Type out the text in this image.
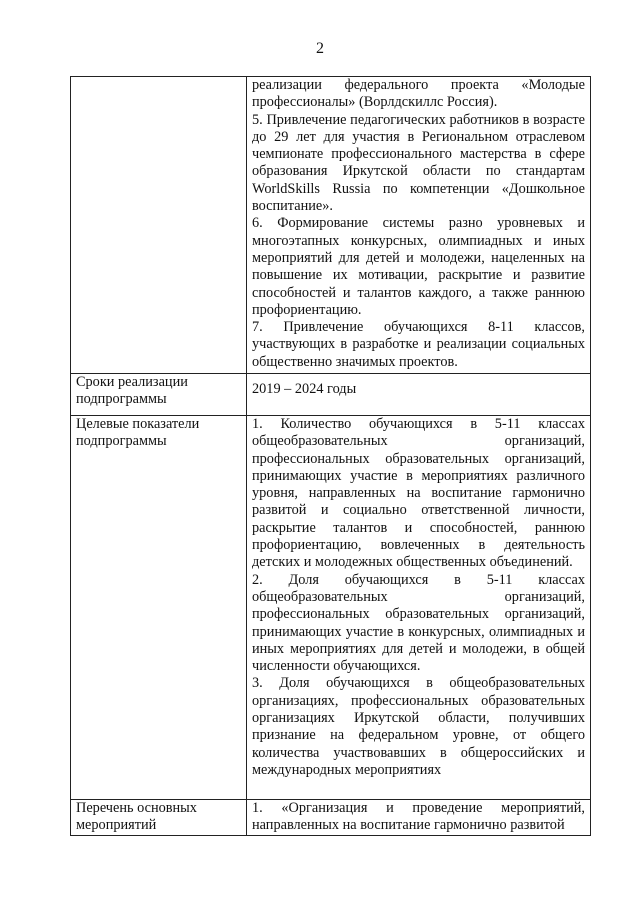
2

	реализации федерального проекта «Молодые профессионалы» (Ворлдскиллс Россия).

5. Привлечение педагогических работников в возрасте до 29 лет для участия в Региональном отраслевом чемпионате профессионального мастерства в сфере образования Иркутской области по стандартам WorldSkills Russia по компетенции «Дошкольное воспитание».

6. Формирование системы разно уровневых и многоэтапных конкурсных, олимпиадных и иных мероприятий для детей и молодежи, нацеленных на повышение их мотивации, раскрытие и развитие способностей и талантов каждого, а также раннюю профориентацию.

7. Привлечение обучающихся 8-11 классов, участвующих в разработке и реализации социальных общественно значимых проектов.

Сроки реализации подпрограммы	2019 – 2024 годы
Целевые показатели подпрограммы	1. Количество обучающихся в 5-11 классах общеобразовательных организаций, профессиональных образовательных организаций, принимающих участие в мероприятиях различного уровня, направленных на воспитание гармонично развитой и социально ответственной личности, раскрытие талантов и способностей, раннюю профориентацию, вовлеченных в деятельность детских и молодежных общественных объединений.

2. Доля обучающихся в 5-11 классах общеобразовательных организаций, профессиональных образовательных организаций, принимающих участие в конкурсных, олимпиадных и иных мероприятиях для детей и молодежи, в общей численности обучающихся.

3. Доля обучающихся в общеобразовательных организациях, профессиональных образовательных организациях Иркутской области, получивших признание на федеральном уровне, от общего количества участвовавших в общероссийских и международных мероприятиях

Перечень основных мероприятий	1. «Организация и проведение мероприятий, направленных на воспитание гармонично развитой
